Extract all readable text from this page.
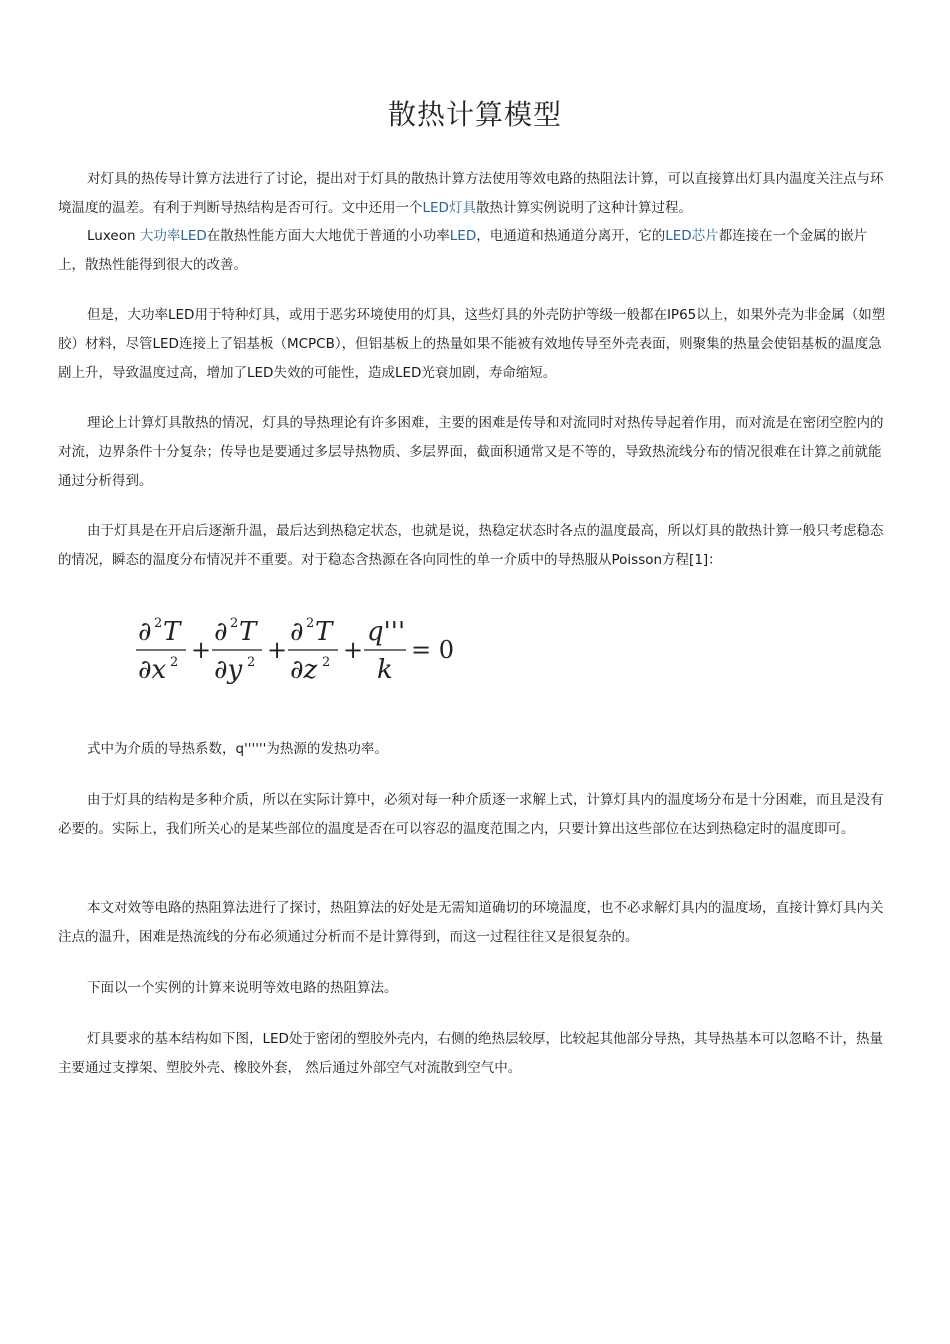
散热计算模型

对灯具的热传导计算方法进行了讨论，提出对于灯具的散热计算方法使用等效电路的热阻法计算，可以直接算出灯具内温度关注点与环境温度的温差。有利于判断导热结构是否可行。文中还用一个LED灯具散热计算实例说明了这种计算过程。

Luxeon 大功率LED在散热性能方面大大地优于普通的小功率LED，电通道和热通道分离开，它的LED芯片都连接在一个金属的嵌片上，散热性能得到很大的改善。

但是，大功率LED用于特种灯具，或用于恶劣环境使用的灯具，这些灯具的外壳防护等级一般都在IP65以上，如果外壳为非金属（如塑胶）材料，尽管LED连接上了铝基板（MCPCB），但铝基板上的热量如果不能被有效地传导至外壳表面，则聚集的热量会使铝基板的温度急剧上升，导致温度过高，增加了LED失效的可能性，造成LED光衰加剧，寿命缩短。

理论上计算灯具散热的情况，灯具的导热理论有许多困难，主要的困难是传导和对流同时对热传导起着作用，而对流是在密闭空腔内的对流，边界条件十分复杂；传导也是要通过多层导热物质、多层界面，截面积通常又是不等的，导致热流线分布的情况很难在计算之前就能通过分析得到。

由于灯具是在开启后逐渐升温，最后达到热稳定状态，也就是说，热稳定状态时各点的温度最高，所以灯具的散热计算一般只考虑稳态的情况，瞬态的温度分布情况并不重要。对于稳态含热源在各向同性的单一介质中的导热服从Poisson方程[1]：

∂ 2 T
∂x 2 +
∂ 2 T
∂y 2 +
∂ 2 T
∂z 2 +
q'''
k
= 0

式中为介质的导热系数，q''''''为热源的发热功率。

由于灯具的结构是多种介质，所以在实际计算中，必须对每一种介质逐一求解上式，计算灯具内的温度场分布是十分困难，而且是没有必要的。实际上，我们所关心的是某些部位的温度是否在可以容忍的温度范围之内，只要计算出这些部位在达到热稳定时的温度即可。

本文对效等电路的热阻算法进行了探讨，热阻算法的好处是无需知道确切的环境温度，也不必求解灯具内的温度场，直接计算灯具内关注点的温升，困难是热流线的分布必须通过分析而不是计算得到，而这一过程往往又是很复杂的。

下面以一个实例的计算来说明等效电路的热阻算法。

灯具要求的基本结构如下图，LED处于密闭的塑胶外壳内，右侧的绝热层较厚，比较起其他部分导热，其导热基本可以忽略不计，热量主要通过支撑架、塑胶外壳、橡胶外套， 然后通过外部空气对流散到空气中。
